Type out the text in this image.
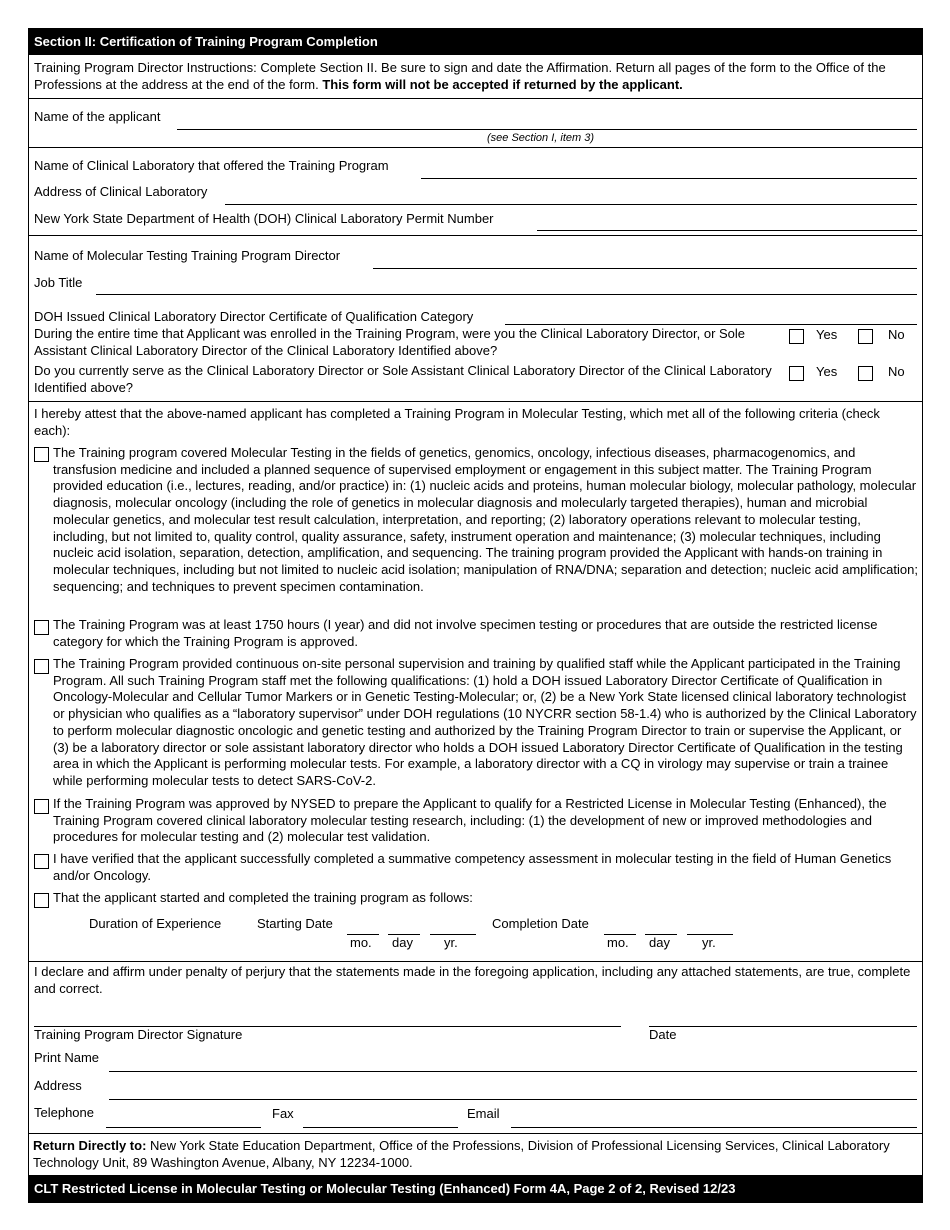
Section II: Certification of Training Program Completion
Training Program Director Instructions: Complete Section II. Be sure to sign and date the Affirmation. Return all pages of the form to the Office of the Professions at the address at the end of the form. This form will not be accepted if returned by the applicant.
Name of the applicant
(see Section I, item 3)
Name of Clinical Laboratory that offered the Training Program
Address of Clinical Laboratory
New York State Department of Health (DOH) Clinical Laboratory Permit Number
Name of Molecular Testing Training Program Director
Job Title
DOH Issued Clinical Laboratory Director Certificate of Qualification Category
During the entire time that Applicant was enrolled in the Training Program, were you the Clinical Laboratory Director, or Sole Assistant Clinical Laboratory Director of the Clinical Laboratory Identified above?
Yes	No
Do you currently serve as the Clinical Laboratory Director or Sole Assistant Clinical Laboratory Director of the Clinical Laboratory Identified above?
Yes	No
I hereby attest that the above-named applicant has completed a Training Program in Molecular Testing, which met all of the following criteria (check each):
The Training program covered Molecular Testing in the fields of genetics, genomics, oncology, infectious diseases, pharmacogenomics, and transfusion medicine and included a planned sequence of supervised employment or engagement in this subject matter. The Training Program provided education (i.e., lectures, reading, and/or practice) in: (1) nucleic acids and proteins, human molecular biology, molecular pathology, molecular diagnosis, molecular oncology (including the role of genetics in molecular diagnosis and molecularly targeted therapies), human and microbial molecular genetics, and molecular test result calculation, interpretation, and reporting; (2) laboratory operations relevant to molecular testing, including, but not limited to, quality control, quality assurance, safety, instrument operation and maintenance; (3) molecular techniques, including nucleic acid isolation, separation, detection, amplification, and sequencing. The training program provided the Applicant with hands-on training in molecular techniques, including but not limited to nucleic acid isolation; manipulation of RNA/DNA; separation and detection; nucleic acid amplification; sequencing; and techniques to prevent specimen contamination.
The Training Program was at least 1750 hours (I year) and did not involve specimen testing or procedures that are outside the restricted license category for which the Training Program is approved.
The Training Program provided continuous on-site personal supervision and training by qualified staff while the Applicant participated in the Training Program. All such Training Program staff met the following qualifications: (1) hold a DOH issued Laboratory Director Certificate of Qualification in Oncology-Molecular and Cellular Tumor Markers or in Genetic Testing-Molecular; or, (2) be a New York State licensed clinical laboratory technologist or physician who qualifies as a “laboratory supervisor” under DOH regulations (10 NYCRR section 58-1.4) who is authorized by the Clinical Laboratory to perform molecular diagnostic oncologic and genetic testing and authorized by the Training Program Director to train or supervise the Applicant, or (3) be a laboratory director or sole assistant laboratory director who holds a DOH issued Laboratory Director Certificate of Qualification in the testing area in which the Applicant is performing molecular tests. For example, a laboratory director with a CQ in virology may supervise or train a trainee while performing molecular tests to detect SARS-CoV-2.
If the Training Program was approved by NYSED to prepare the Applicant to qualify for a Restricted License in Molecular Testing (Enhanced), the Training Program covered clinical laboratory molecular testing research, including: (1) the development of new or improved methodologies and procedures for molecular testing and (2) molecular test validation.
I have verified that the applicant successfully completed a summative competency assessment in molecular testing in the field of Human Genetics and/or Oncology.
That the applicant started and completed the training program as follows:
Duration of Experience	Starting Date
mo. day yr.
Completion Date
mo. day yr.
I declare and affirm under penalty of perjury that the statements made in the foregoing application, including any attached statements, are true, complete and correct.
Training Program Director Signature	Date
Print Name
Address
Telephone	Fax	Email
Return Directly to: New York State Education Department, Office of the Professions, Division of Professional Licensing Services, Clinical Laboratory Technology Unit, 89 Washington Avenue, Albany, NY 12234-1000.
CLT Restricted License in Molecular Testing or Molecular Testing (Enhanced) Form 4A, Page 2 of 2, Revised 12/23
